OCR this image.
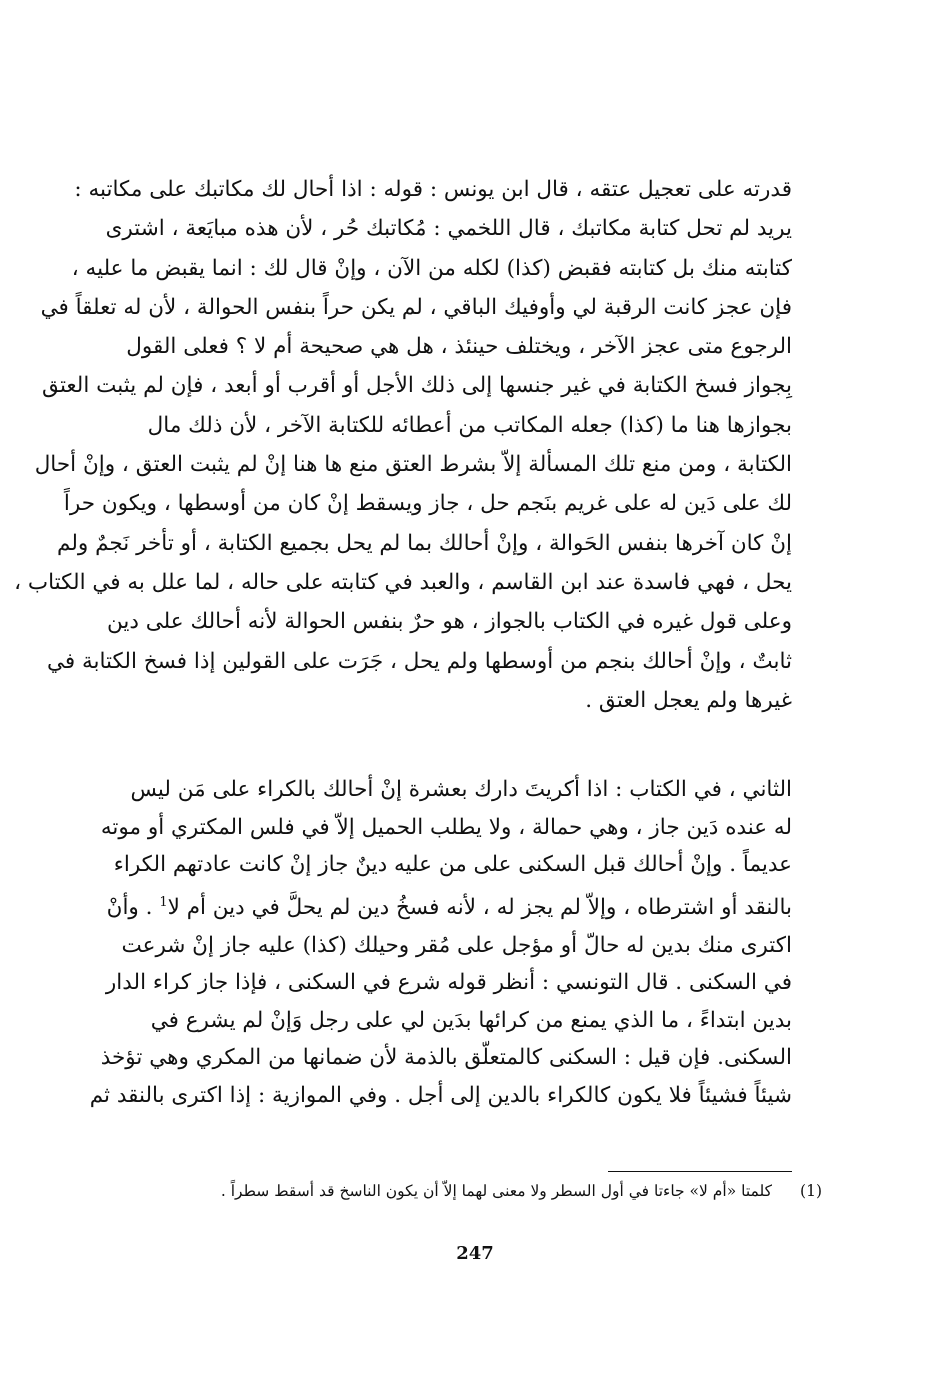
قدرته على تعجيل عتقه ، قال ابن يونس : قوله : اذا أحال لك مكاتبك على مكاتبه :
يريد لم تحل كتابة مكاتبك ، قال اللخمي : مُكاتبك حُر ، لأن هذه مبايَعة ، اشترى
كتابته منك بل كتابته فقبض (كذا) لكله من الآن ، وإنْ قال لك : انما يقبض ما عليه ،
فإن عجز كانت الرقبة لي وأوفيك الباقي ، لم يكن حراً بنفس الحوالة ، لأن له تعلقاً في
الرجوع متى عجز الآخر ، ويختلف حينئذ ، هل هي صحيحة أم لا ؟ فعلى القول
بِجواز فسخ الكتابة في غير جنسها إلى ذلك الأجل أو أقرب أو أبعد ، فإن لم يثبت العتق
بجوازها هنا ما (كذا) جعله المكاتب من أعطائه للكتابة الآخر ، لأن ذلك مال
الكتابة ، ومن منع تلك المسألة إلاّ بشرط العتق منع ها هنا إنْ لم يثبت العتق ، وإنْ أحال
لك على دَين له على غريم بنَجم حل ، جاز ويسقط إنْ كان من أوسطها ، ويكون حراً
إنْ كان آخرها بنفس الحَوالة ، وإنْ أحالك بما لم يحل بجميع الكتابة ، أو تأخر نَجمٌ ولم
يحل ، فهي فاسدة عند ابن القاسم ، والعبد في كتابته على حاله ، لما علل به في الكتاب ،
وعلى قول غيره في الكتاب بالجواز ، هو حرٌ بنفس الحوالة لأنه أحالك على دين
ثابتٌ ، وإنْ أحالك بنجم من أوسطها ولم يحل ، جَرَت على القولين إذا فسخ الكتابة في
غيرها ولم يعجل العتق .
الثاني ، في الكتاب : اذا أكريتَ دارك بعشرة إنْ أحالك بالكراء على مَن ليس
له عنده دَين جاز ، وهي حمالة ، ولا يطلب الحميل إلاّ في فلس المكتري أو موته
عديماً . وإنْ أحالك قبل السكنى على من عليه دينٌ جاز إنْ كانت عادتهم الكراء
بالنقد أو اشترطاه ، وإلاّ لم يجز له ، لأنه فسخُ دين لم يحلَّ في دين أم لا$^1$ . وأنْ
اكترى منك بدين له حالّ أو مؤجل على مُقر وحيلك (كذا) عليه جاز إنْ شرعت
في السكنى . قال التونسي : أنظر قوله شرع في السكنى ، فإذا جاز كراء الدار
بدين ابتداءً ، ما الذي يمنع من كرائها بدَين لي على رجل وَإنْ لم يشرع في
السكنى. فإن قيل : السكنى كالمتعلّق بالذمة لأن ضمانها من المكري وهي تؤخذ
شيئاً فشيئاً فلا يكون كالكراء بالدين إلى أجل . وفي الموازية : إذا اكترى بالنقد ثم
(1)كلمتا «أم لا» جاءتا في أول السطر ولا معنى لهما إلاّ أن يكون الناسخ قد أسقط سطراً .
247
